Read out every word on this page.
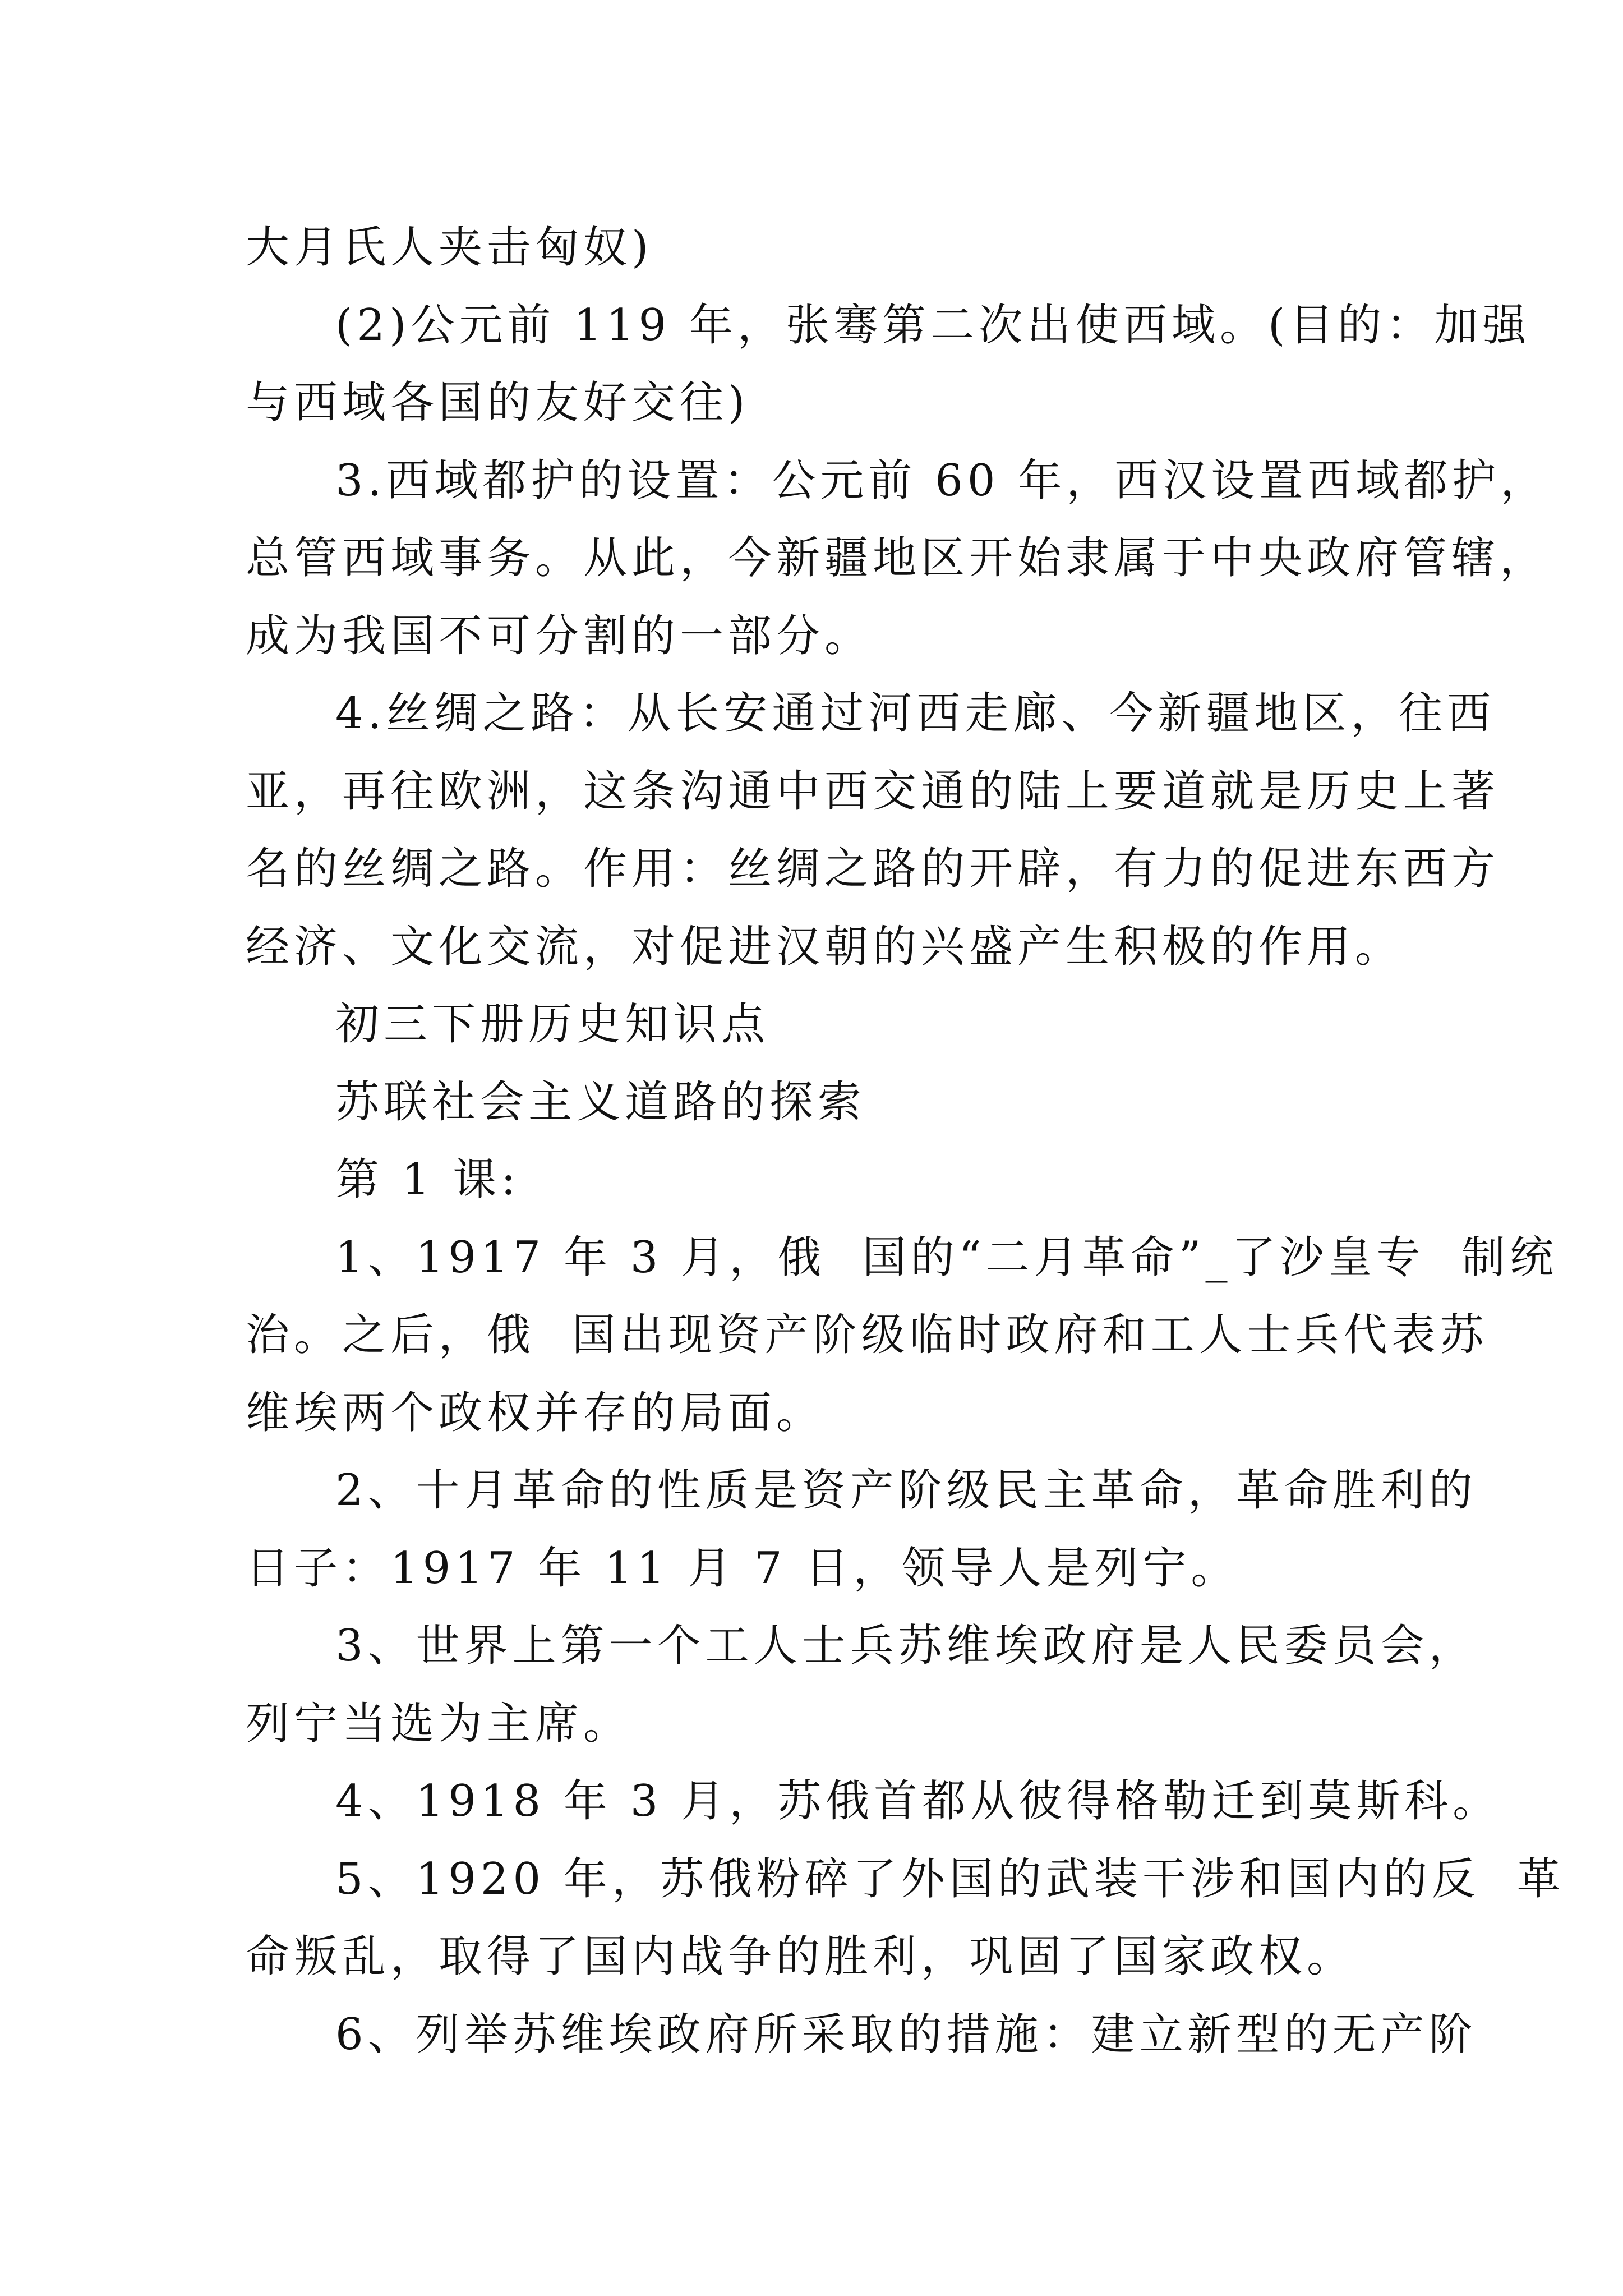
大月氏人夹击匈奴)
(2)公元前 119 年，张骞第二次出使西域。(目的：加强
与西域各国的友好交往)
3.西域都护的设置：公元前 60 年，西汉设置西域都护，
总管西域事务。从此，今新疆地区开始隶属于中央政府管辖，
成为我国不可分割的一部分。
4.丝绸之路：从长安通过河西走廊、今新疆地区，往西
亚，再往欧洲，这条沟通中西交通的陆上要道就是历史上著
名的丝绸之路。作用：丝绸之路的开辟，有力的促进东西方
经济、文化交流，对促进汉朝的兴盛产生积极的作用。
初三下册历史知识点
苏联社会主义道路的探索
第 1 课:
1、1917 年 3 月，俄  国的“二月革命”_了沙皇专  制统
治。之后，俄  国出现资产阶级临时政府和工人士兵代表苏
维埃两个政权并存的局面。
2、十月革命的性质是资产阶级民主革命，革命胜利的
日子：1917 年 11 月 7 日，领导人是列宁。
3、世界上第一个工人士兵苏维埃政府是人民委员会，
列宁当选为主席。
4、1918 年 3 月，苏俄首都从彼得格勒迁到莫斯科。
5、1920 年，苏俄粉碎了外国的武装干涉和国内的反  革
命叛乱，取得了国内战争的胜利，巩固了国家政权。
6、列举苏维埃政府所采取的措施：建立新型的无产阶
